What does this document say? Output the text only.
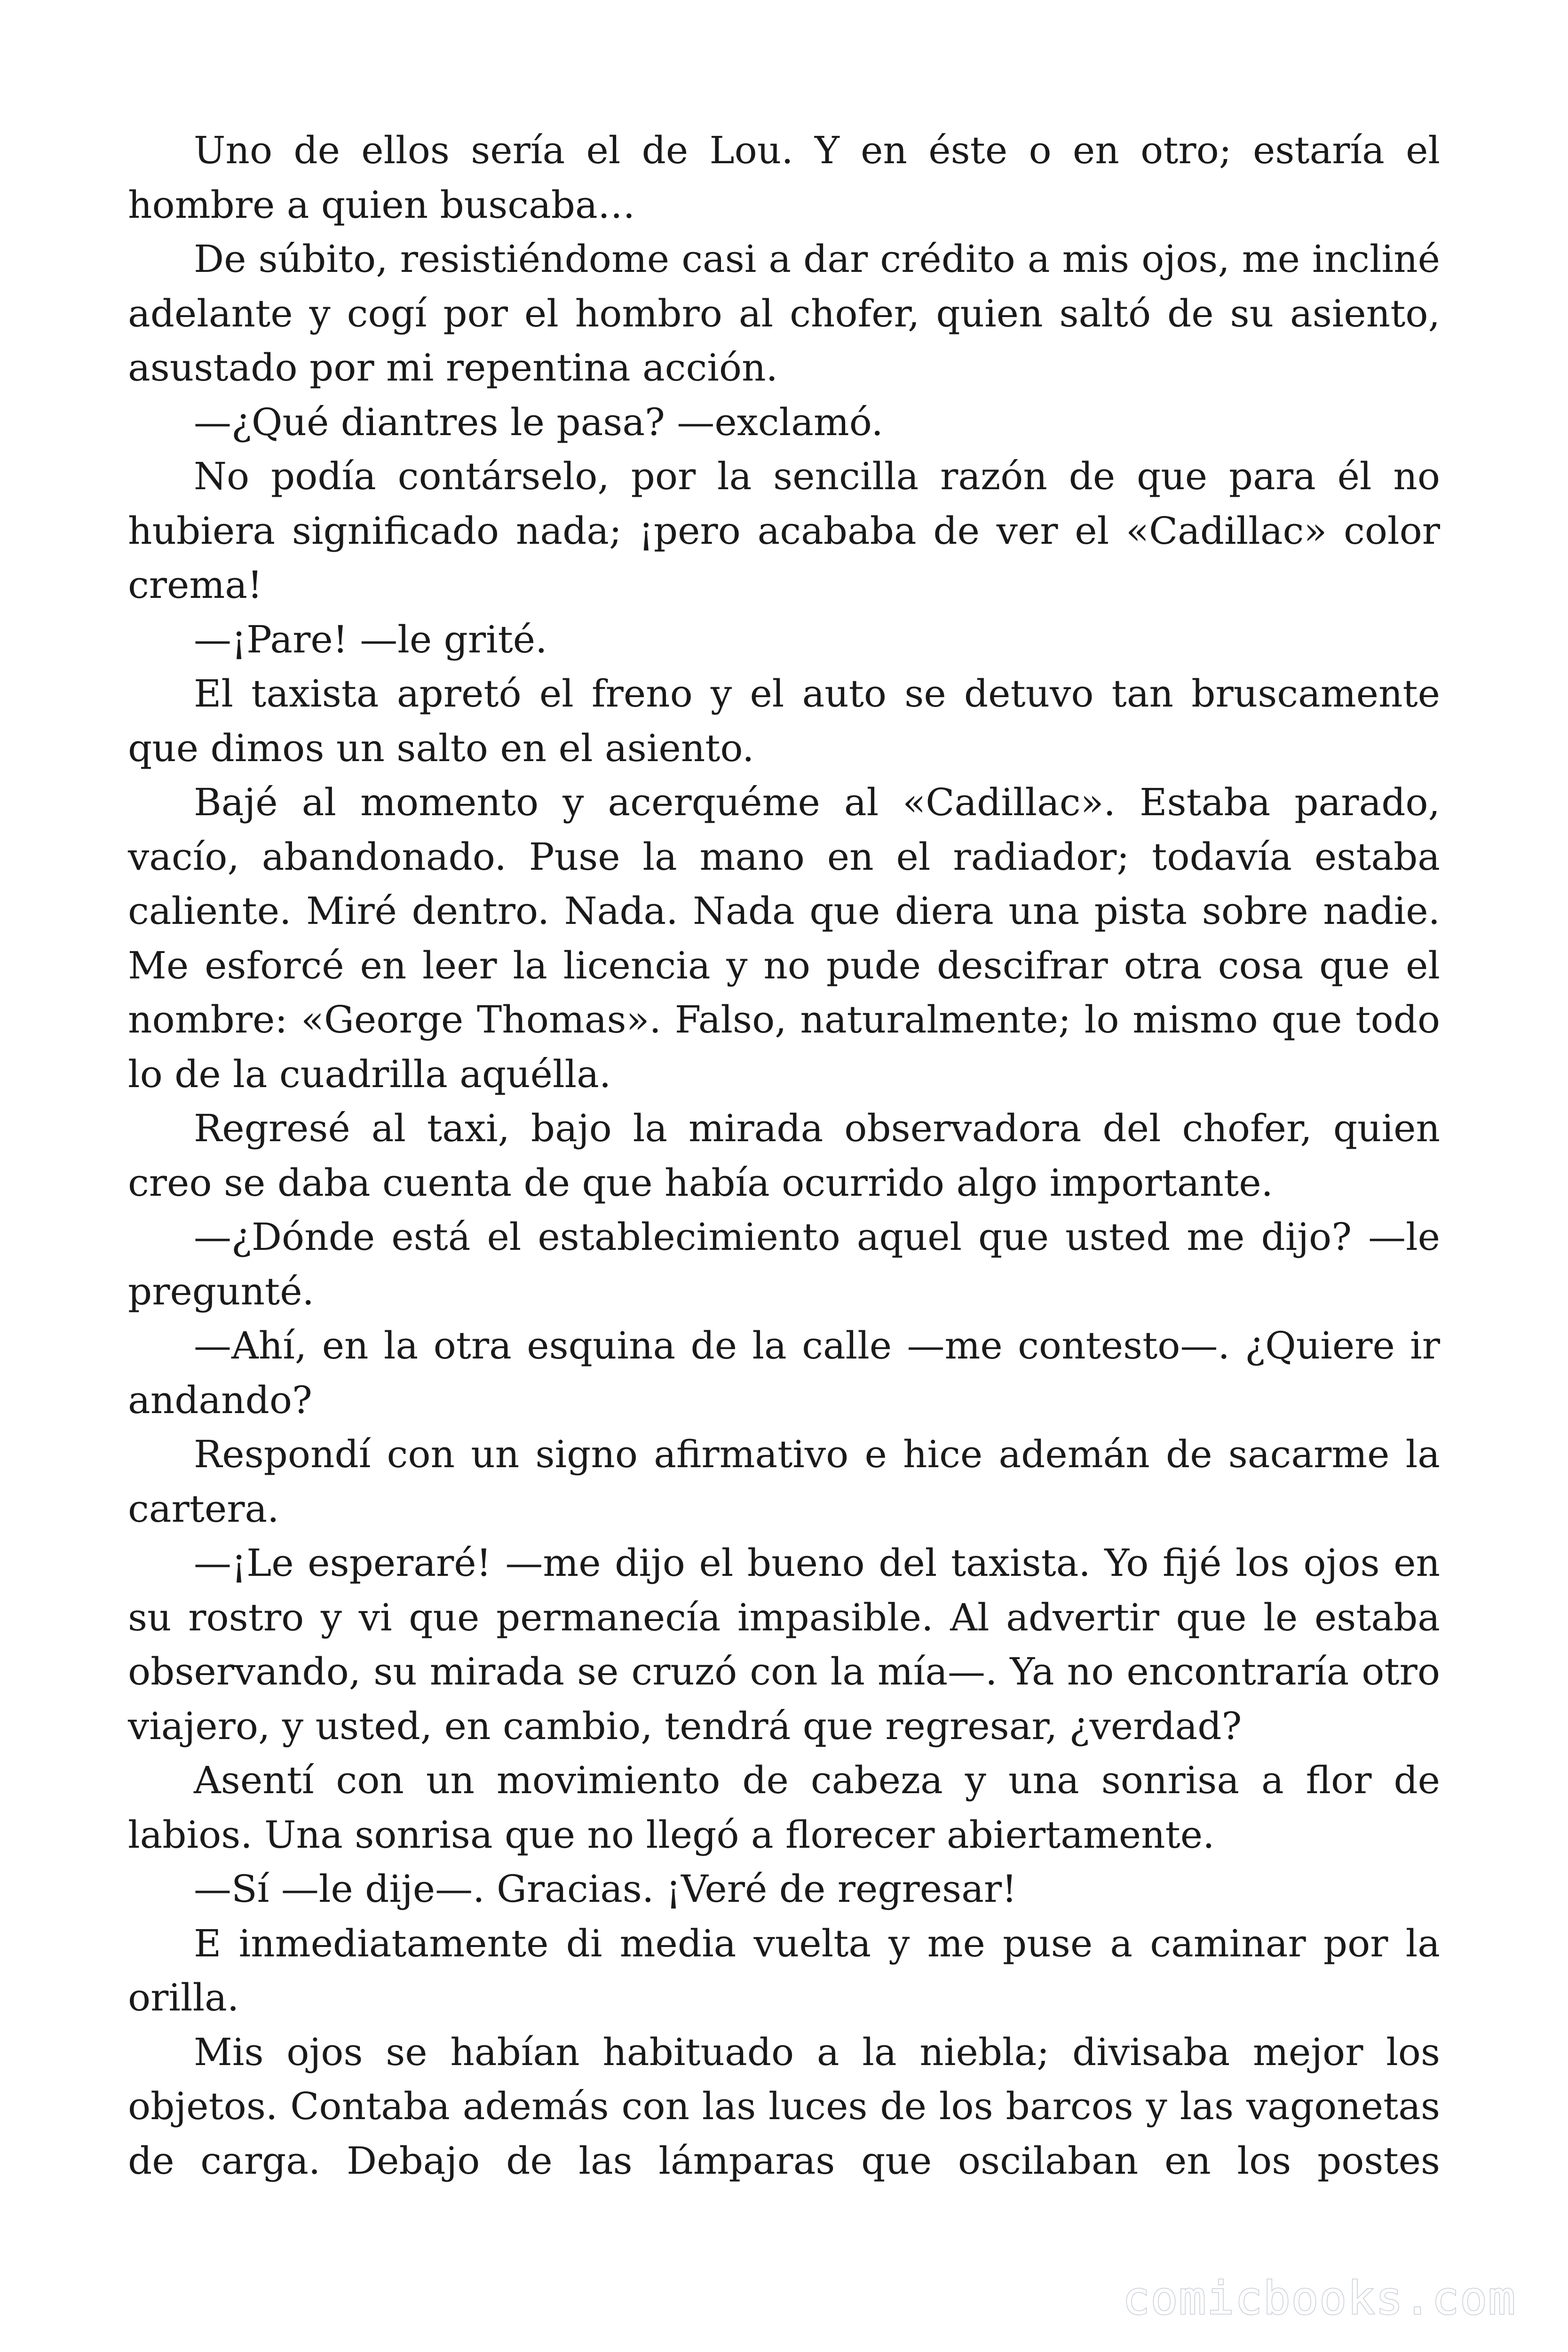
Uno de ellos sería el de Lou. Y en éste o en otro; estaría el hombre a quien buscaba…

De súbito, resistiéndome casi a dar crédito a mis ojos, me incliné adelante y cogí por el hombro al chofer, quien saltó de su asiento, asustado por mi repentina acción.

—¿Qué diantres le pasa? —exclamó.

No podía contárselo, por la sencilla razón de que para él no hubiera significado nada; ¡pero acababa de ver el «Cadillac» color crema!

—¡Pare! —le grité.

El taxista apretó el freno y el auto se detuvo tan bruscamente que dimos un salto en el asiento.

Bajé al momento y acerquéme al «Cadillac». Estaba parado, vacío, abandonado. Puse la mano en el radiador; todavía estaba caliente. Miré dentro. Nada. Nada que diera una pista sobre nadie. Me esforcé en leer la licencia y no pude descifrar otra cosa que el nombre: «George Thomas». Falso, naturalmente; lo mismo que todo lo de la cuadrilla aquélla.

Regresé al taxi, bajo la mirada observadora del chofer, quien creo se daba cuenta de que había ocurrido algo importante.

—¿Dónde está el establecimiento aquel que usted me dijo? —le pregunté.

—Ahí, en la otra esquina de la calle —me contesto—. ¿Quiere ir andando?

Respondí con un signo afirmativo e hice ademán de sacarme la cartera.

—¡Le esperaré! —me dijo el bueno del taxista. Yo fijé los ojos en su rostro y vi que permanecía impasible. Al advertir que le estaba observando, su mirada se cruzó con la mía—. Ya no encontraría otro viajero, y usted, en cambio, tendrá que regresar, ¿verdad?

Asentí con un movimiento de cabeza y una sonrisa a flor de labios. Una sonrisa que no llegó a florecer abiertamente.

—Sí —le dije—. Gracias. ¡Veré de regresar!

E inmediatamente di media vuelta y me puse a caminar por la orilla.

Mis ojos se habían habituado a la niebla; divisaba mejor los objetos. Contaba además con las luces de los barcos y las vagonetas de carga. Debajo de las lámparas que oscilaban en los postes

comicbooks.com
